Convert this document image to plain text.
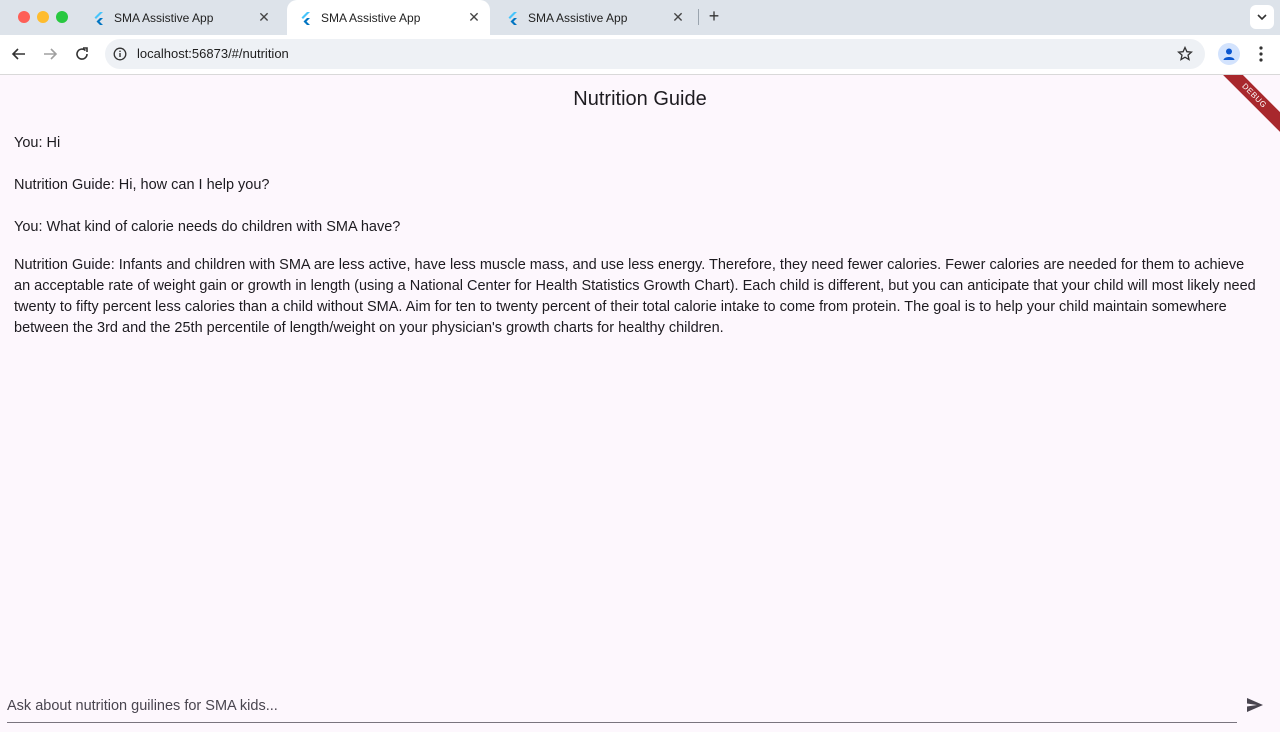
SMA Assistive App	✕	SMA Assistive App	✕	SMA Assistive App	✕ +
localhost:56873/#/nutrition
Nutrition Guide	DEBUG

You: Hi

Nutrition Guide: Hi, how can I help you?

You: What kind of calorie needs do children with SMA have?

Nutrition Guide: Infants and children with SMA are less active, have less muscle mass, and use less energy. Therefore, they need fewer calories. Fewer calories are needed for them to achieve an acceptable rate of weight gain or growth in length (using a National Center for Health Statistics Growth Chart). Each child is different, but you can anticipate that your child will most likely need twenty to fifty percent less calories than a child without SMA. Aim for ten to twenty percent of their total calorie intake to come from protein. The goal is to help your child maintain somewhere between the 3rd and the 25th percentile of length/weight on your physician's growth charts for healthy children.

Ask about nutrition guilines for SMA kids...
